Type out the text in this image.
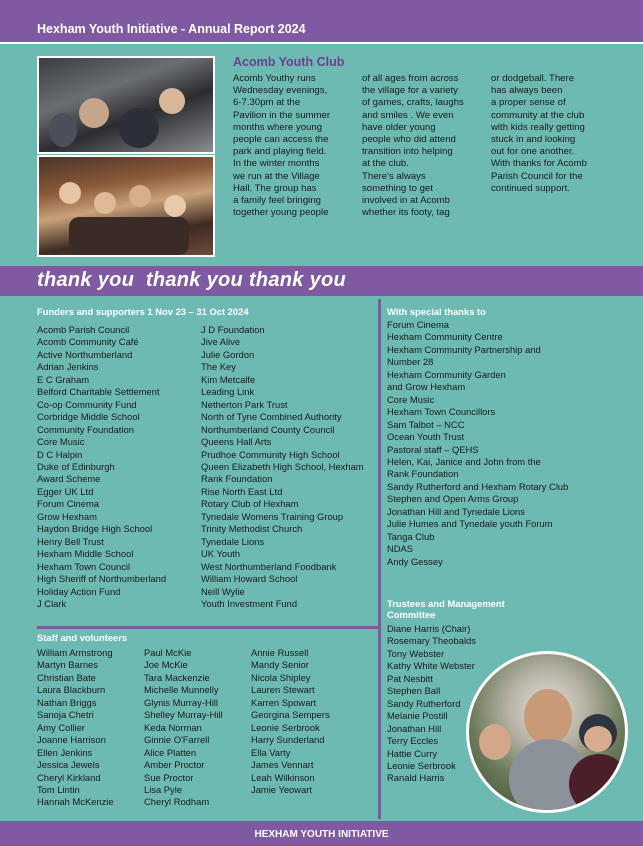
Hexham Youth Initiative - Annual Report 2024
Acomb Youth Club
Acomb Youthy runs
Wednesday evenings,
6-7.30pm at the
Pavilion in the summer
months where young
people can access the
park and playing field.
In the winter months
we run at the Village
Hall. The group has
a family feel bringing
together young people
of all ages from across
the village for a variety
of games, crafts, laughs
and smiles . We even
have older young
people who did attend
transition into helping
at the club.
There's always
something to get
involved in at Acomb
whether its footy, tag
or dodgeball. There
has always been
a proper sense of
community at the club
with kids really getting
stuck in and looking
out for one another.
With thanks for Acomb
Parish Council for the
continued support.
thank you  thank you thank you
Funders and supporters 1 Nov 23 – 31 Oct 2024
Acomb Parish Council
Acomb Community Café
Active Northumberland
Adrian Jenkins
E C Graham
Belford Charitable Settlement
Co-op Community Fund
Corbridge Middle School
Community Foundation
Core Music
D C Halpin
Duke of Edinburgh
Award Scheme
Egger UK Ltd
Forum Cinema
Grow Hexham
Haydon Bridge High School
Henry Bell Trust
Hexham Middle School
Hexham Town Council
High Sheriff of Northumberland
Holiday Action Fund
J Clark
J D Foundation
Jive Alive
Julie Gordon
The Key
Kim Metcalfe
Leading Link
Netherton Park Trust
North of Tyne Combined Authority
Northumberland County Council
Queens Hall Arts
Prudhoe Community High School
Queen Elizabeth High School, Hexham
Rank Foundation
Rise North East Ltd
Rotary Club of Hexham
Tynedale Womens Training Group
Trinity Methodist Church
Tynedale Lions
UK Youth
West Northumberland Foodbank
William Howard School
Neill Wylie
Youth Investment Fund
Staff and volunteers
William Armstrong
Martyn Barnes
Christian Bate
Laura Blackburn
Nathan Briggs
Sanoja Chetri
Amy Collier
Joanne Harrison
Ellen Jenkins
Jessica Jewels
Cheryl Kirkland
Tom Lintin
Hannah McKenzie
Paul McKie
Joe McKie
Tara Mackenzie
Michelle Munnelly
Glynis Murray-Hill
Shelley Murray-Hill
Keda Norman
Ginnie O'Farrell
Alice Platten
Amber Proctor
Sue Proctor
Lisa Pyle
Cheryl Rodham
Annie Russell
Mandy Senior
Nicola Shipley
Lauren Stewart
Karren Spowart
Georgina Sempers
Leonie Serbrook
Harry Sunderland
Ella Varty
James Vennart
Leah Wilkinson
Jamie Yeowart
With special thanks to
Forum Cinema
Hexham Community Centre
Hexham Community Partnership and
Number 28
Hexham Community Garden
and Grow Hexham
Core Music
Hexham Town Councillors
Sam Talbot – NCC
Ocean Youth Trust
Pastoral staff – QEHS
Helen, Kai, Janice and John from the
Rank Foundation
Sandy Rutherford and Hexham Rotary Club
Stephen and Open Arms Group
Jonathan Hill and Tynedale Lions
Julie Humes and Tynedale youth Forum
Tanga Club
NDAS
Andy Gessey
Trustees and Management
Committee
Diane Harris (Chair)
Rosemary Theobalds
Tony Webster
Kathy White Webster
Pat Nesbitt
Stephen Ball
Sandy Rutherford
Melanie Postill
Jonathan Hill
Terry Eccles
Hattie Curry
Leonie Serbrook
Ranald Harris
HEXHAM YOUTH INITIATIVE
